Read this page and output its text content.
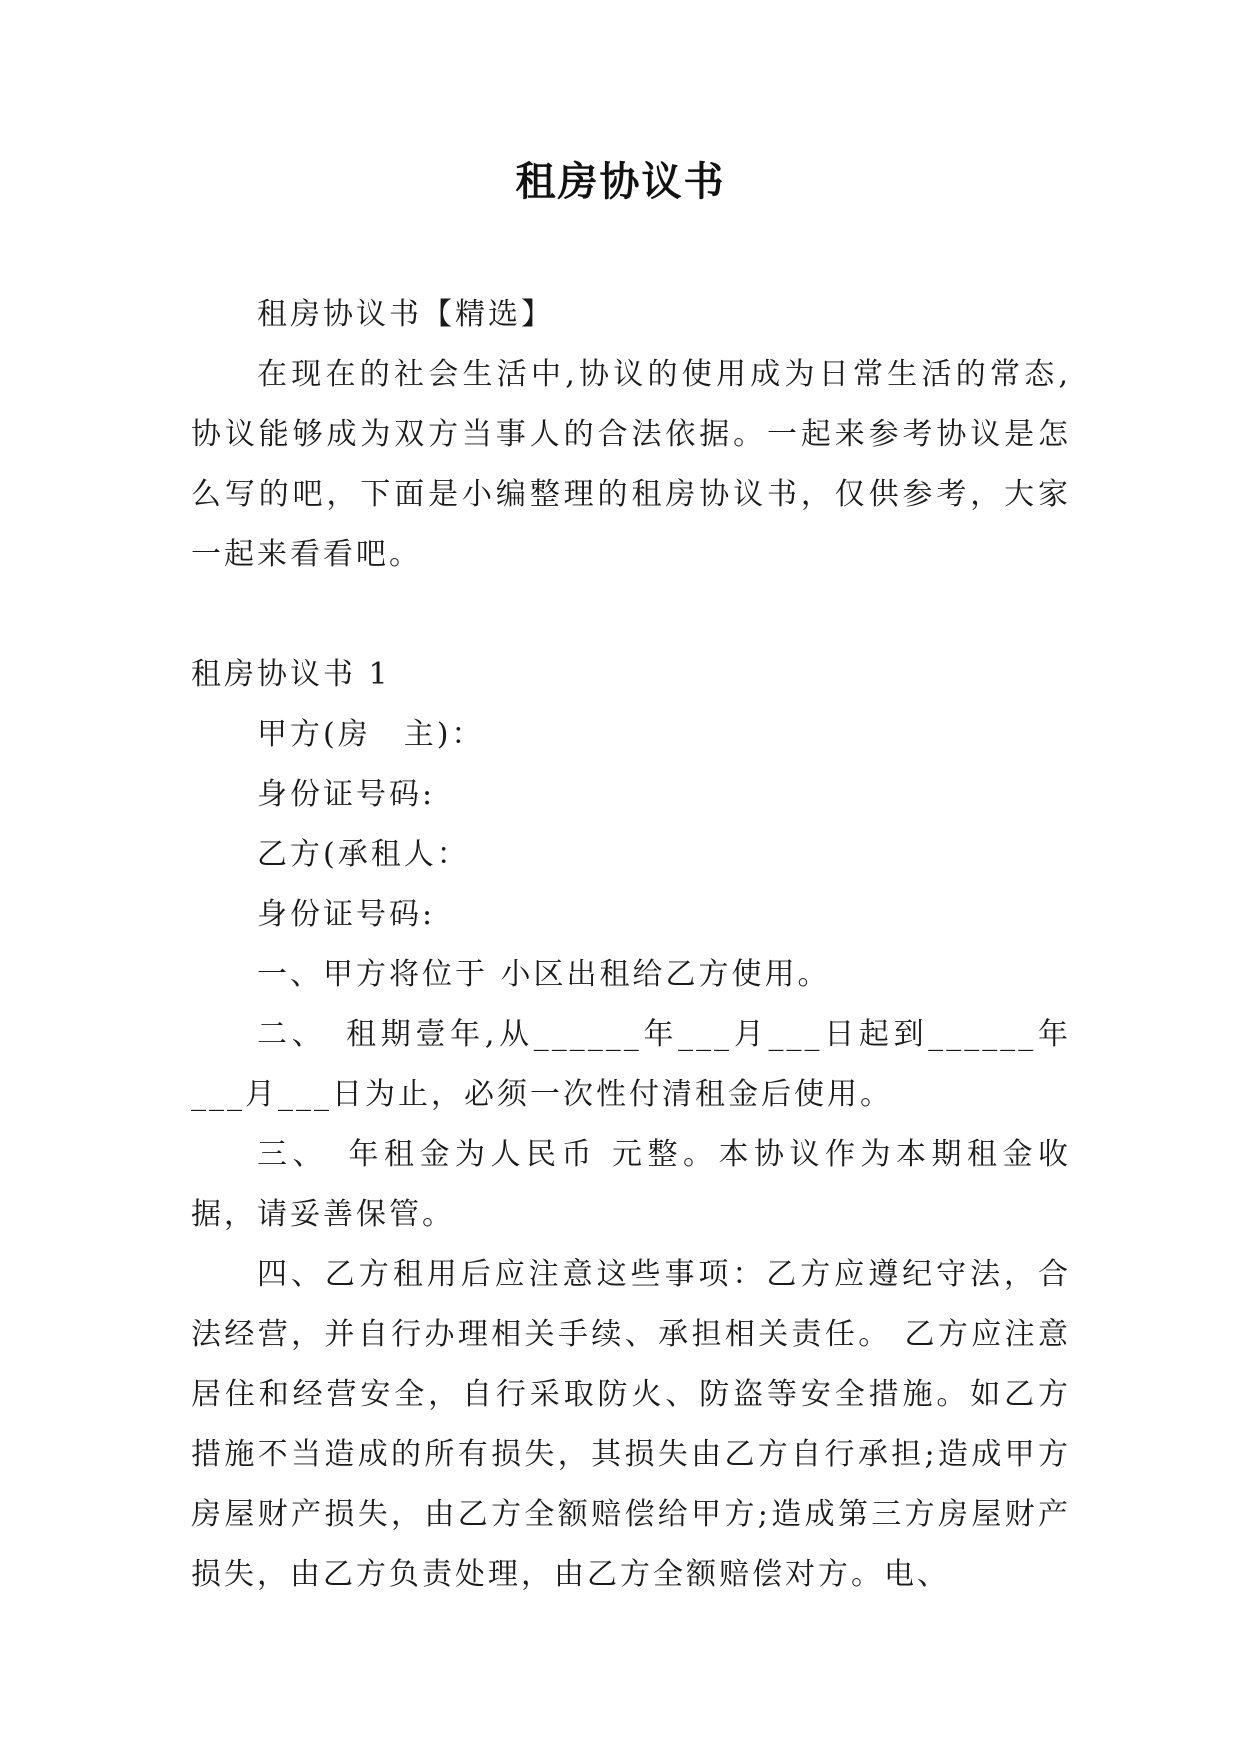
租房协议书

租房协议书【精选】

在现在的社会生活中,协议的使用成为日常生活的常态,协议能够成为双方当事人的合法依据。一起来参考协议是怎么写的吧，下面是小编整理的租房协议书，仅供参考，大家一起来看看吧。

租房协议书 1

甲方(房　主)：

身份证号码:

乙方(承租人：

身份证号码:

一、甲方将位于 小区出租给乙方使用。

二、　租期壹年,从______年___月___日起到______年___月___日为止，必须一次性付清租金后使用。

三、　年租金为人民币 元整。本协议作为本期租金收据，请妥善保管。

四、乙方租用后应注意这些事项：乙方应遵纪守法，合法经营，并自行办理相关手续、承担相关责任。 乙方应注意居住和经营安全，自行采取防火、防盗等安全措施。如乙方措施不当造成的所有损失，其损失由乙方自行承担;造成甲方房屋财产损失，由乙方全额赔偿给甲方;造成第三方房屋财产损失，由乙方负责处理，由乙方全额赔偿对方。电、
